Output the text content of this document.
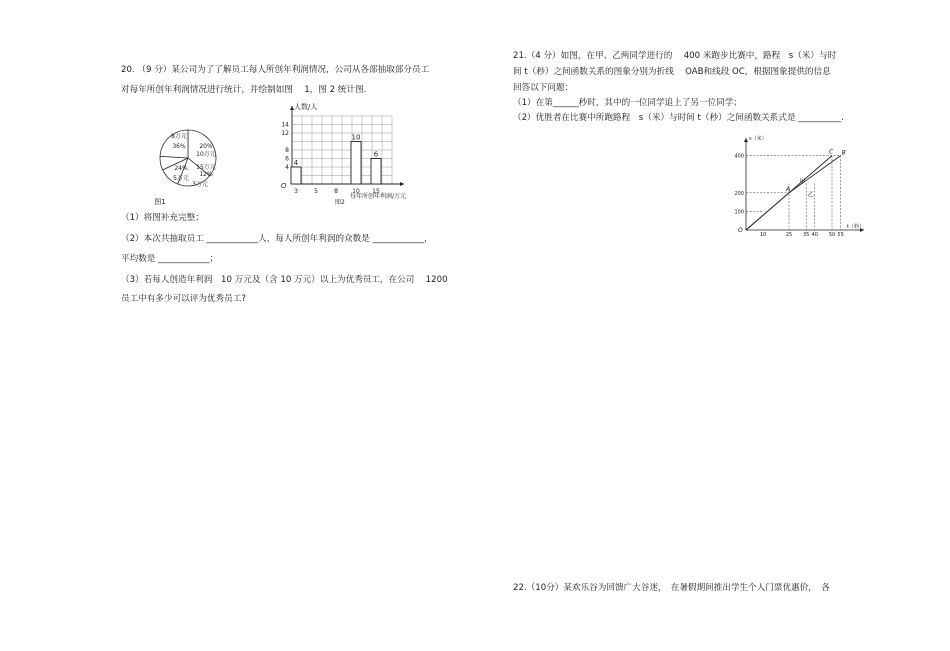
20. （9 分）某公司为了了解员工每人所创年利润情况，公司从各部抽取部分员工
对每年所创年利润情况进行统计，并绘制如图　 1，图 2 统计图.
8万元
36% 20%
10万元
24%
5万元
15万元
12%
3万元
图1
人数/人
每年所创年利润/万元
O
图2
4
6
8
12
14
3	5	8 10 15
4
10
6
（1）将图补充完整；
（2）本次共抽取员工 ____________人，每人所创年利润的众数是 ____________，
平均数是 ____________；
（3）若每人创造年利润　10 万元及（含 10 万元）以上为优秀员工，在公司　 1200
员工中有多少可以评为优秀员工?
21.（4 分）如图，在甲、乙两同学进行的　 400 米跑步比赛中，路程　s（米）与时
间 t（秒）之间函数关系的图象分别为折线　 OAB和线段 OC，根据图象提供的信息
回答以下问题：
（1）在第______秒时，其中的一位同学追上了另一位同学；
（2）优胜者在比赛中所跑路程　s（米）与时间 t（秒）之间函数关系式是 __________.
s（米）
t（秒）
O
100
200
400
10	25 35 40 50 55
A
B
C
甲
乙
22.（10分）某欢乐谷为回馈广大谷迷，　在暑假期间推出学生个人门票优惠价，　各
